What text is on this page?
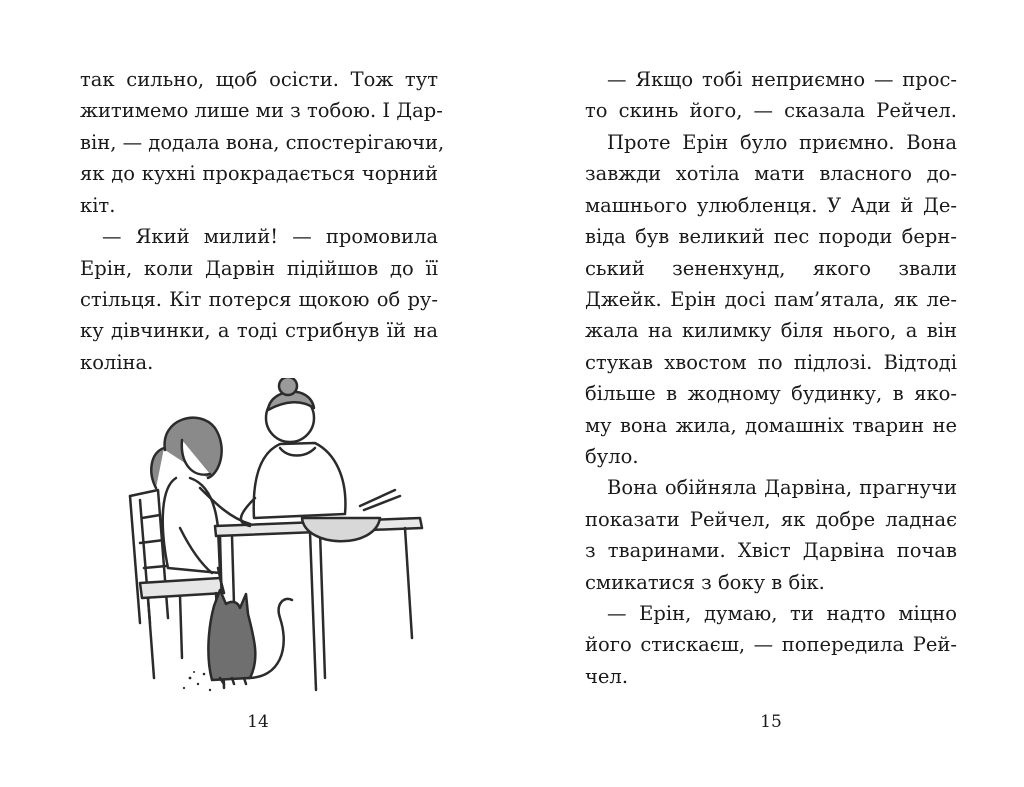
так сильно, щоб осісти. Тож тут
житимемо лише ми з тобою. І Дар-
він, — додала вона, спостерігаючи,
як до кухні прокрадається чорний
кіт.
— Який милий! — промовила
Ерін, коли Дарвін підійшов до її
стільця. Кіт потерся щокою об ру-
ку дівчинки, а тоді стрибнув їй на
коліна.
14
— Якщо тобі неприємно — прос-
то скинь його, — сказала Рейчел.
Проте Ерін було приємно. Вона
завжди хотіла мати власного до-
машнього улюбленця. У Ади й Де-
віда був великий пес породи берн-
ський зененхунд, якого звали
Джейк. Ерін досі пам’ятала, як ле-
жала на килимку біля нього, а він
стукав хвостом по підлозі. Відтоді
більше в жодному будинку, в яко-
му вона жила, домашніх тварин не
було.
Вона обійняла Дарвіна, прагнучи
показати Рейчел, як добре ладнає
з тваринами. Хвіст Дарвіна почав
смикатися з боку в бік.
— Ерін, думаю, ти надто міцно
його стискаєш, — попередила Рей-
чел.
15
